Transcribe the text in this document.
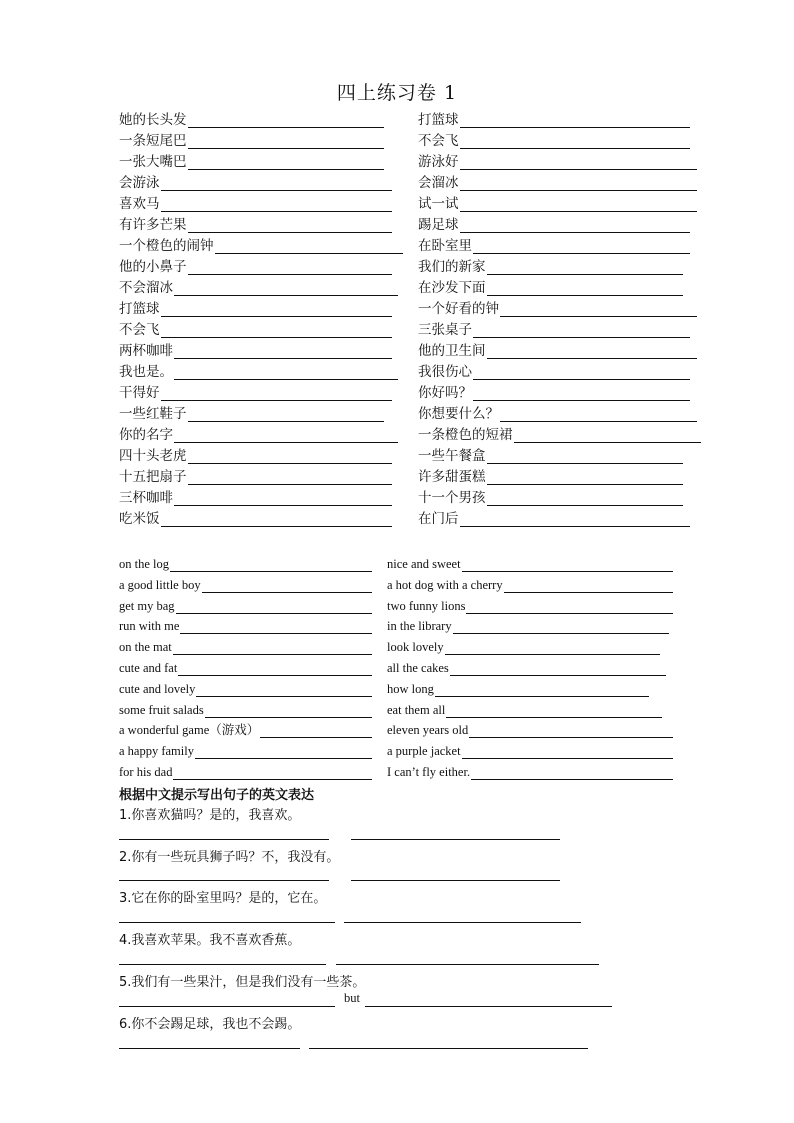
四上练习卷 1
她的长头发
一条短尾巴
一张大嘴巴
会游泳
喜欢马
有许多芒果
一个橙色的闹钟
他的小鼻子
不会溜冰
打篮球
不会飞
两杯咖啡
我也是。
干得好
一些红鞋子
你的名字
四十头老虎
十五把扇子
三杯咖啡
吃米饭
打篮球
不会飞
游泳好
会溜冰
试一试
踢足球
在卧室里
我们的新家
在沙发下面
一个好看的钟
三张桌子
他的卫生间
我很伤心
你好吗？
你想要什么？
一条橙色的短裙
一些午餐盒
许多甜蛋糕
十一个男孩
在门后
on the log
a good little boy
get my bag
run with me
on the mat
cute and fat
cute and lovely
some fruit salads
a wonderful game（游戏）
a happy family
for his dad
nice and sweet
a hot dog with a cherry
two funny lions
in the library
look lovely
all the cakes
how long
eat them all
eleven years old
a purple jacket
I can’t fly either.
根据中文提示写出句子的英文表达
1.你喜欢猫吗？是的，我喜欢。
2.你有一些玩具狮子吗？不，我没有。
3.它在你的卧室里吗？是的，它在。
4.我喜欢苹果。我不喜欢香蕉。
5.我们有一些果汁，但是我们没有一些茶。
but
6.你不会踢足球，我也不会踢。
